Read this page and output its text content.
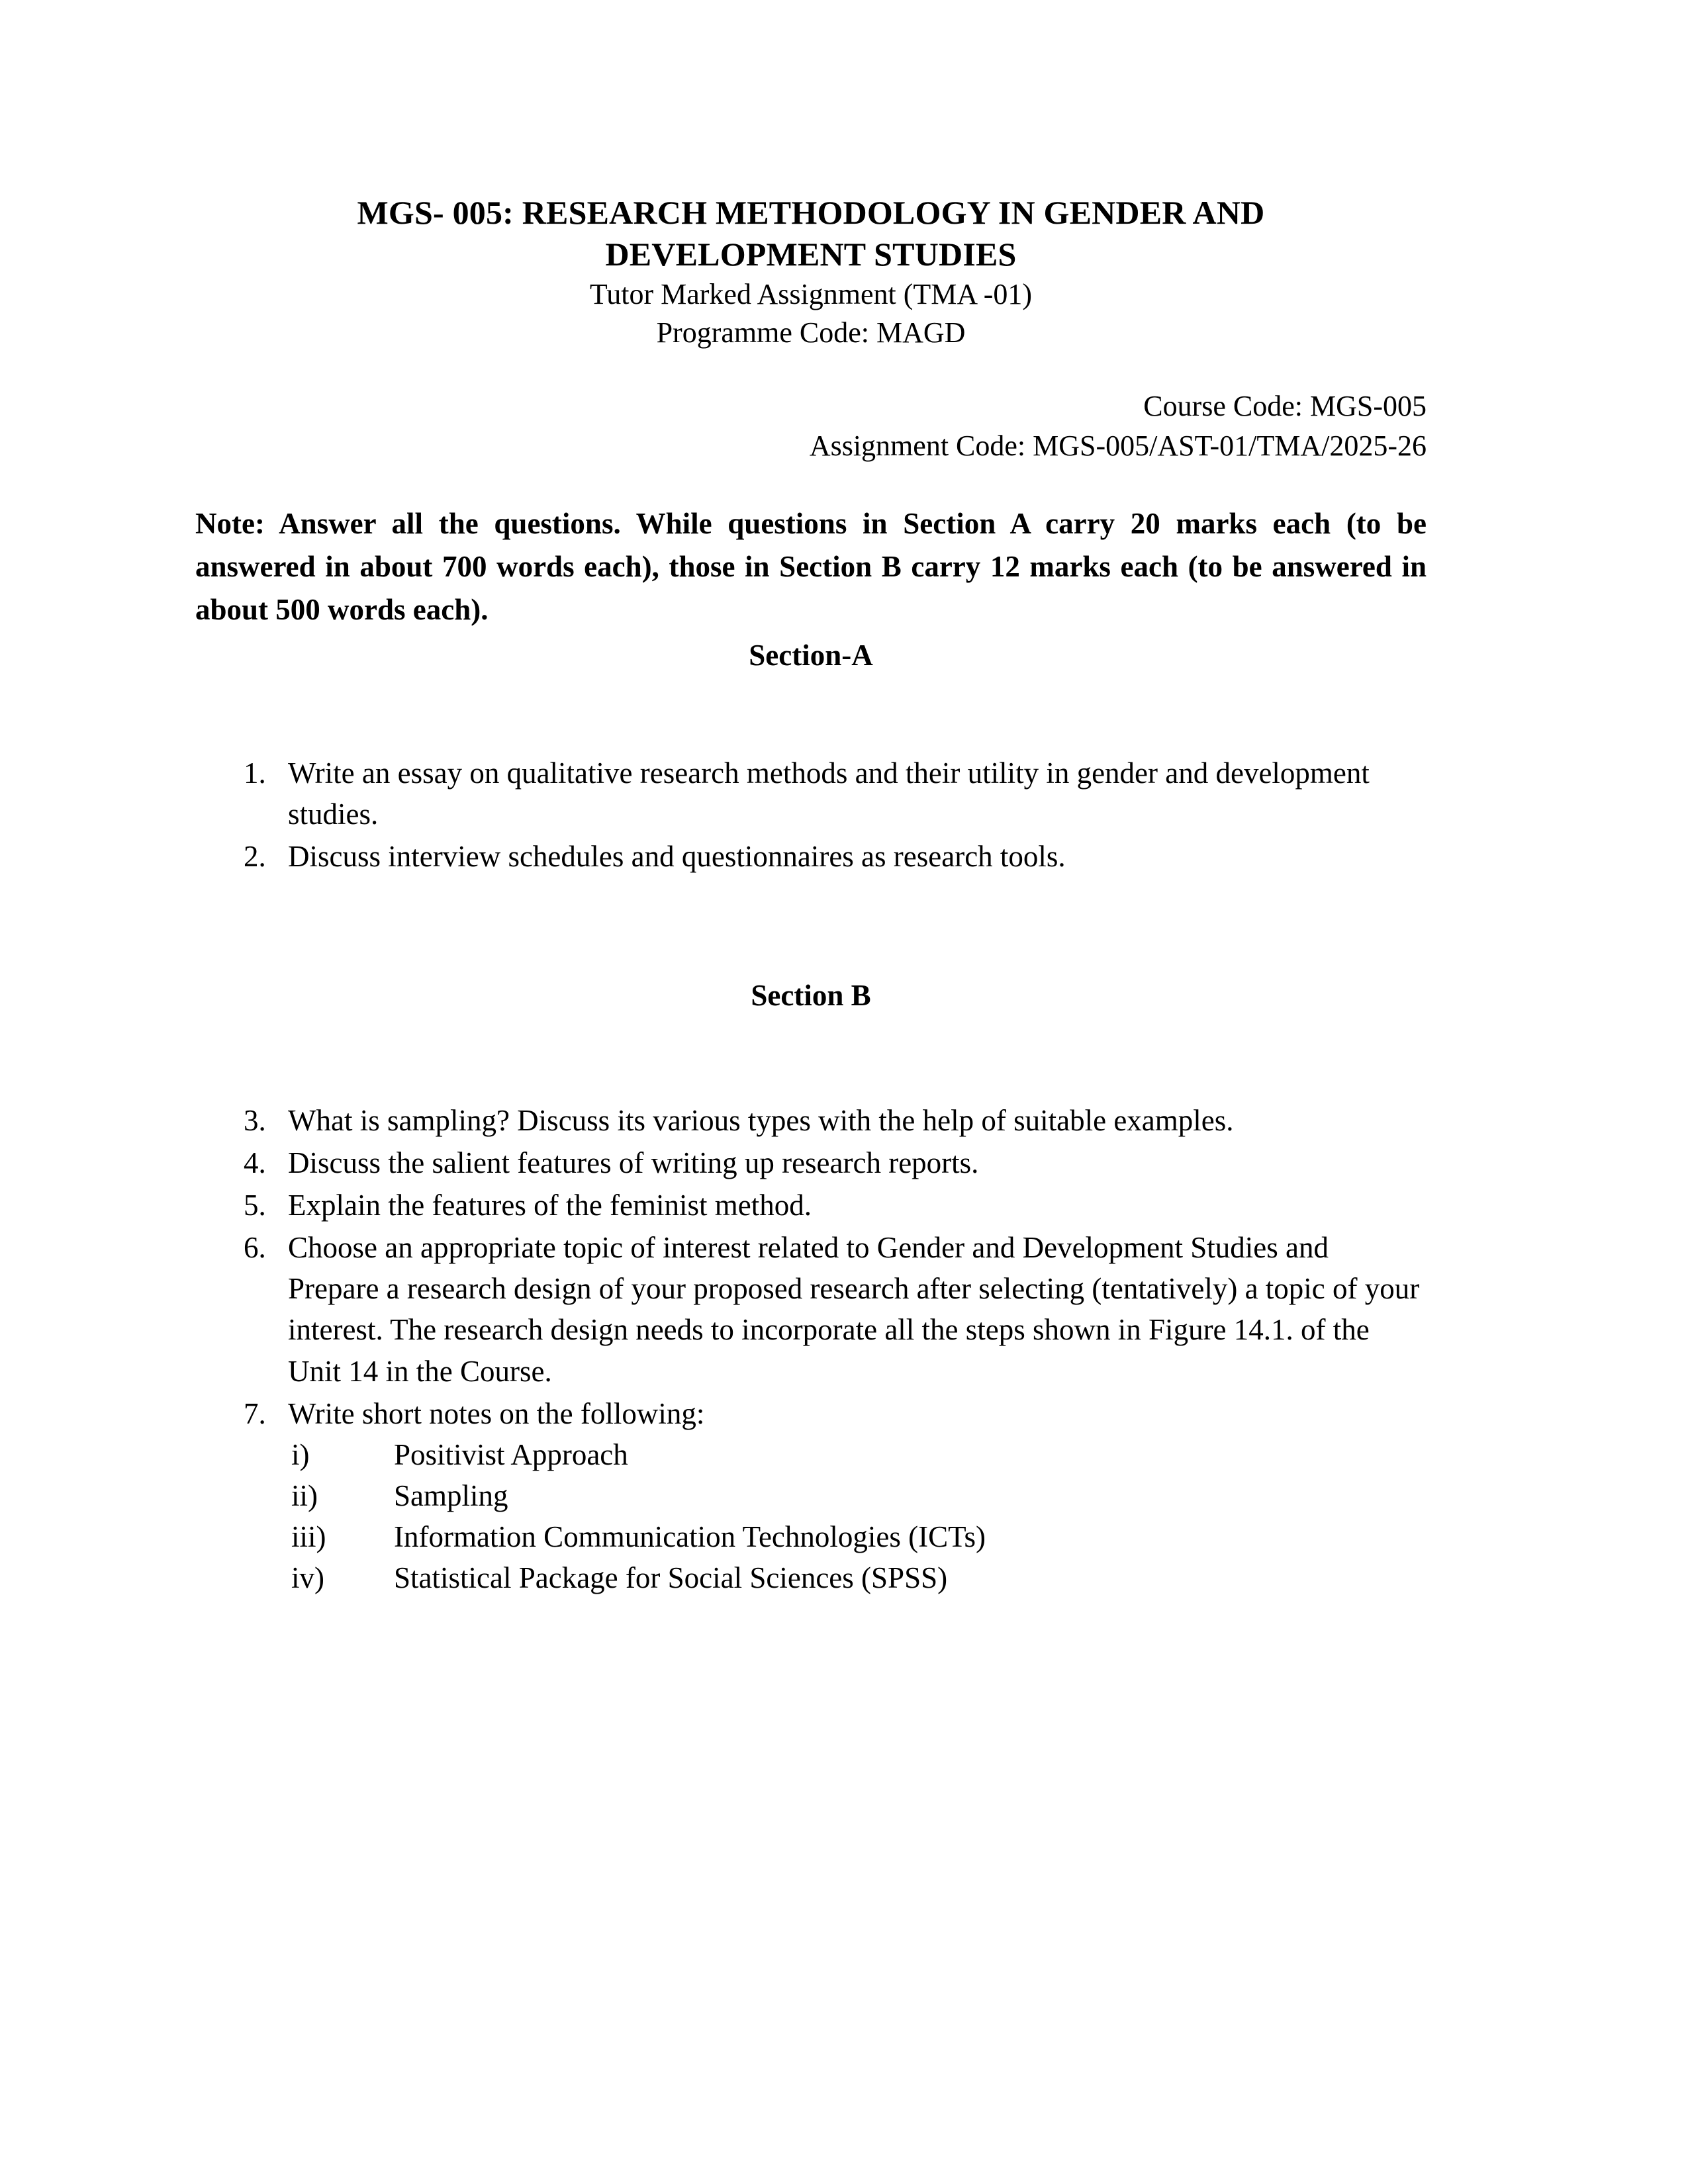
MGS- 005: RESEARCH METHODOLOGY IN GENDER AND
DEVELOPMENT STUDIES
Tutor Marked Assignment (TMA -01)
Programme Code: MAGD
Course Code: MGS-005
Assignment Code: MGS-005/AST-01/TMA/2025-26

Note: Answer all the questions. While questions in Section A carry 20 marks each (to be answered in about 700 words each), those in Section B carry 12 marks each (to be answered in about 500 words each).

Section-A
1. Write an essay on qualitative research methods and their utility in gender and development studies.
2. Discuss interview schedules and questionnaires as research tools.
Section B
3. What is sampling? Discuss its various types with the help of suitable examples.
4. Discuss the salient features of writing up research reports.
5. Explain the features of the feminist method.
6. Choose an appropriate topic of interest related to Gender and Development Studies and Prepare a research design of your proposed research after selecting (tentatively) a topic of your interest. The research design needs to incorporate all the steps shown in Figure 14.1. of the Unit 14 in the Course.
7. Write short notes on the following:
i)	Positivist Approach
ii)	Sampling
iii)	Information Communication Technologies (ICTs)
iv)	Statistical Package for Social Sciences (SPSS)
